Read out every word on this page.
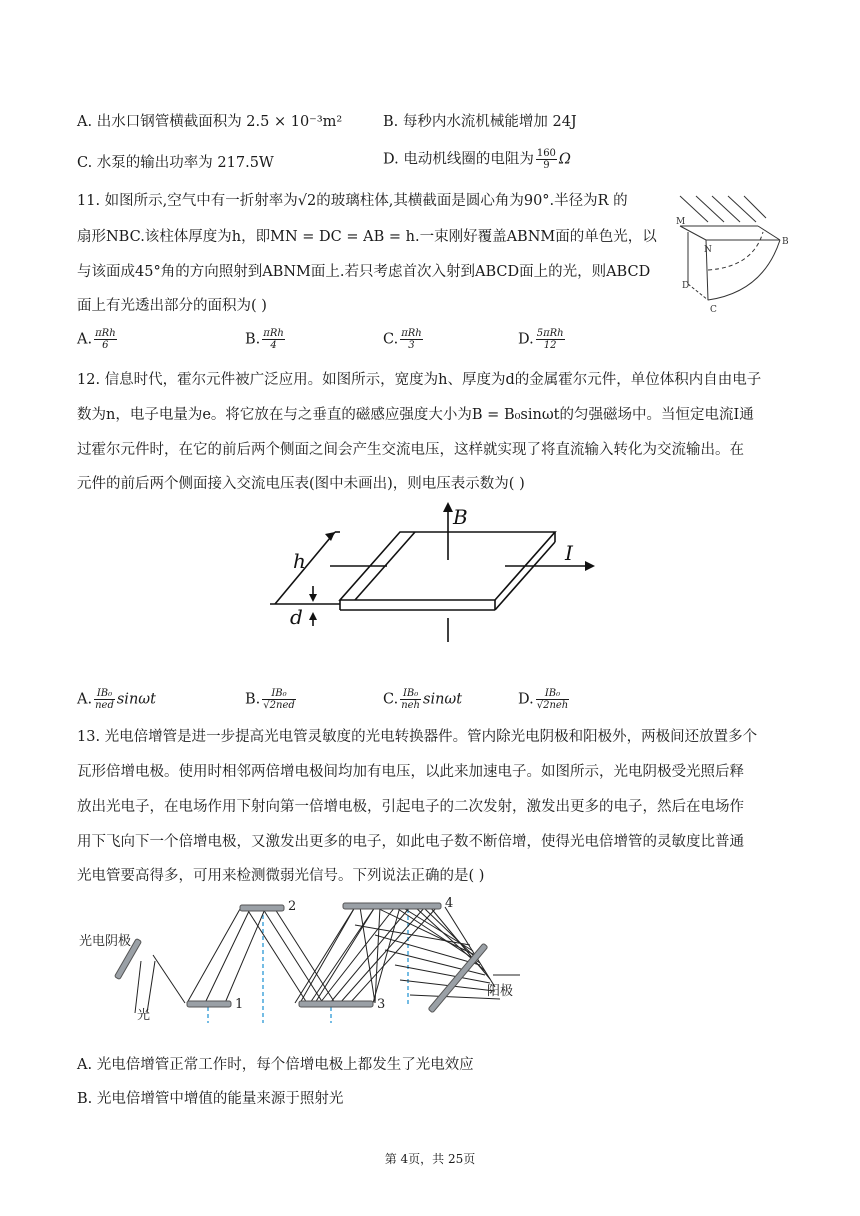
A. 出水口钢管横截面积为 2.5 × 10⁻³m²	B. 每秒内水流机械能增加 24J
C. 水泵的输出功率为 217.5W	D. 电动机线圈的电阻为 $\frac{160}{9}$ Ω
11. 如图所示,空气中有一折射率为√2的玻璃柱体,其横截面是圆心角为90°.半径为R 的
扇形NBC.该柱体厚度为h，即MN = DC = AB = h.一束刚好覆盖ABNM面的单色光，以
与该面成45°角的方向照射到ABNM面上.若只考虑首次入射到ABCD面上的光，则ABCD
面上有光透出部分的面积为( )
M
N
B
D
C
A. $\frac{\text{πRh}}{6}$	B. $\frac{\text{πRh}}{4}$	C. $\frac{\text{πRh}}{3}$	D. $\frac{\text{5πRh}}{12}$
12. 信息时代，霍尔元件被广泛应用。如图所示，宽度为h、厚度为d的金属霍尔元件，单位体积内自由电子
数为n，电子电量为e。将它放在与之垂直的磁感应强度大小为B = B₀sinωt的匀强磁场中。当恒定电流I通
过霍尔元件时，在它的前后两个侧面之间会产生交流电压，这样就实现了将直流输入转化为交流输出。在
元件的前后两个侧面接入交流电压表(图中未画出)，则电压表示数为( )
B
I
h
d
A. $\frac{\text{IB₀}}{\text{ned}}$ sinωt	B. $\frac{\text{IB₀}}{\text{√2ned}}$	C. $\frac{\text{IB₀}}{\text{neh}}$ sinωt	D. $\frac{\text{IB₀}}{\text{√2neh}}$
13. 光电倍增管是进一步提高光电管灵敏度的光电转换器件。管内除光电阴极和阳极外，两极间还放置多个
瓦形倍增电极。使用时相邻两倍增电极间均加有电压，以此来加速电子。如图所示，光电阴极受光照后释
放出光电子，在电场作用下射向第一倍增电极，引起电子的二次发射，激发出更多的电子，然后在电场作
用下飞向下一个倍增电极，又激发出更多的电子，如此电子数不断倍增，使得光电倍增管的灵敏度比普通
光电管要高得多，可用来检测微弱光信号。下列说法正确的是( )
1
2
3
4
光电阴极
光
阳极
A. 光电倍增管正常工作时，每个倍增电极上都发生了光电效应
B. 光电倍增管中增值的能量来源于照射光
第 4页，共 25页
